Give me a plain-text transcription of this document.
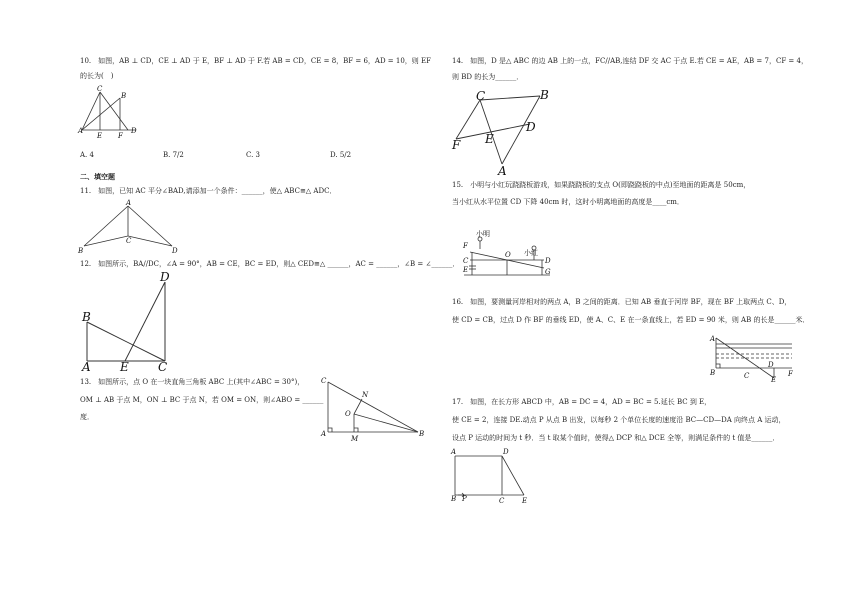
10.　如图，AB ⊥ CD，CE ⊥ AD 于 E，BF ⊥ AD 于 F.若 AB = CD，CE = 8，BF = 6，AD = 10，则 EF
的长为(　)
C
B
A
E F
D
A. 4	B. 7/2	C. 3	D. 5/2
二、填空题
11.　如图，已知 AC 平分∠BAD,请添加一个条件：______，使△ ABC≅△ ADC．
A
C
B	D
12.　如图所示，BA//DC，∠A = 90°，AB = CE，BC = ED，则△ CED≅△ ______，AC = ______，∠B = ∠______．
D
B
A E C
13.　如图所示，点 O 在一块直角三角板 ABC 上(其中∠ABC = 30°)，
OM ⊥ AB 于点 M，ON ⊥ BC 于点 N，若 OM = ON，则∠ABO = ______
度．
C
N
O
A
M
B
14.　如图，D 是△ ABC 的边 AB 上的一点，FC//AB,连结 DF 交 AC 于点 E.若 CE = AE，AB = 7，CF = 4，
则 BD 的长为______．
C	B
E
D
F
A
15.　小明与小红玩跷跷板游戏，如果跷跷板的支点 O(即跷跷板的中点)至地面的距离是 50cm，
当小红从水平位置 CD 下降 40cm 时，这时小明离地面的高度是____cm．
小明
小红
F
C
E
O
D
G
16.　如图，要测量河岸相对的两点 A，B 之间的距离．已知 AB 垂直于河岸 BF，现在 BF 上取两点 C、D，
使 CD = CB，过点 D 作 BF 的垂线 ED，使 A、C、E 在一条直线上，若 ED = 90 米，则 AB 的长是______米．
A
B	C
D
F
E
17.　如图，在长方形 ABCD 中，AB = DC = 4，AD = BC = 5.延长 BC 到 E，
使 CE = 2，连接 DE.动点 P 从点 B 出发，以每秒 2 个单位长度的速度沿 BC—CD—DA 向终点 A 运动，
设点 P 运动的时间为 t 秒．当 t 取某个值时，使得△ DCP 和△ DCE 全等，则满足条件的 t 值是______．
A	D
B P	C	E
